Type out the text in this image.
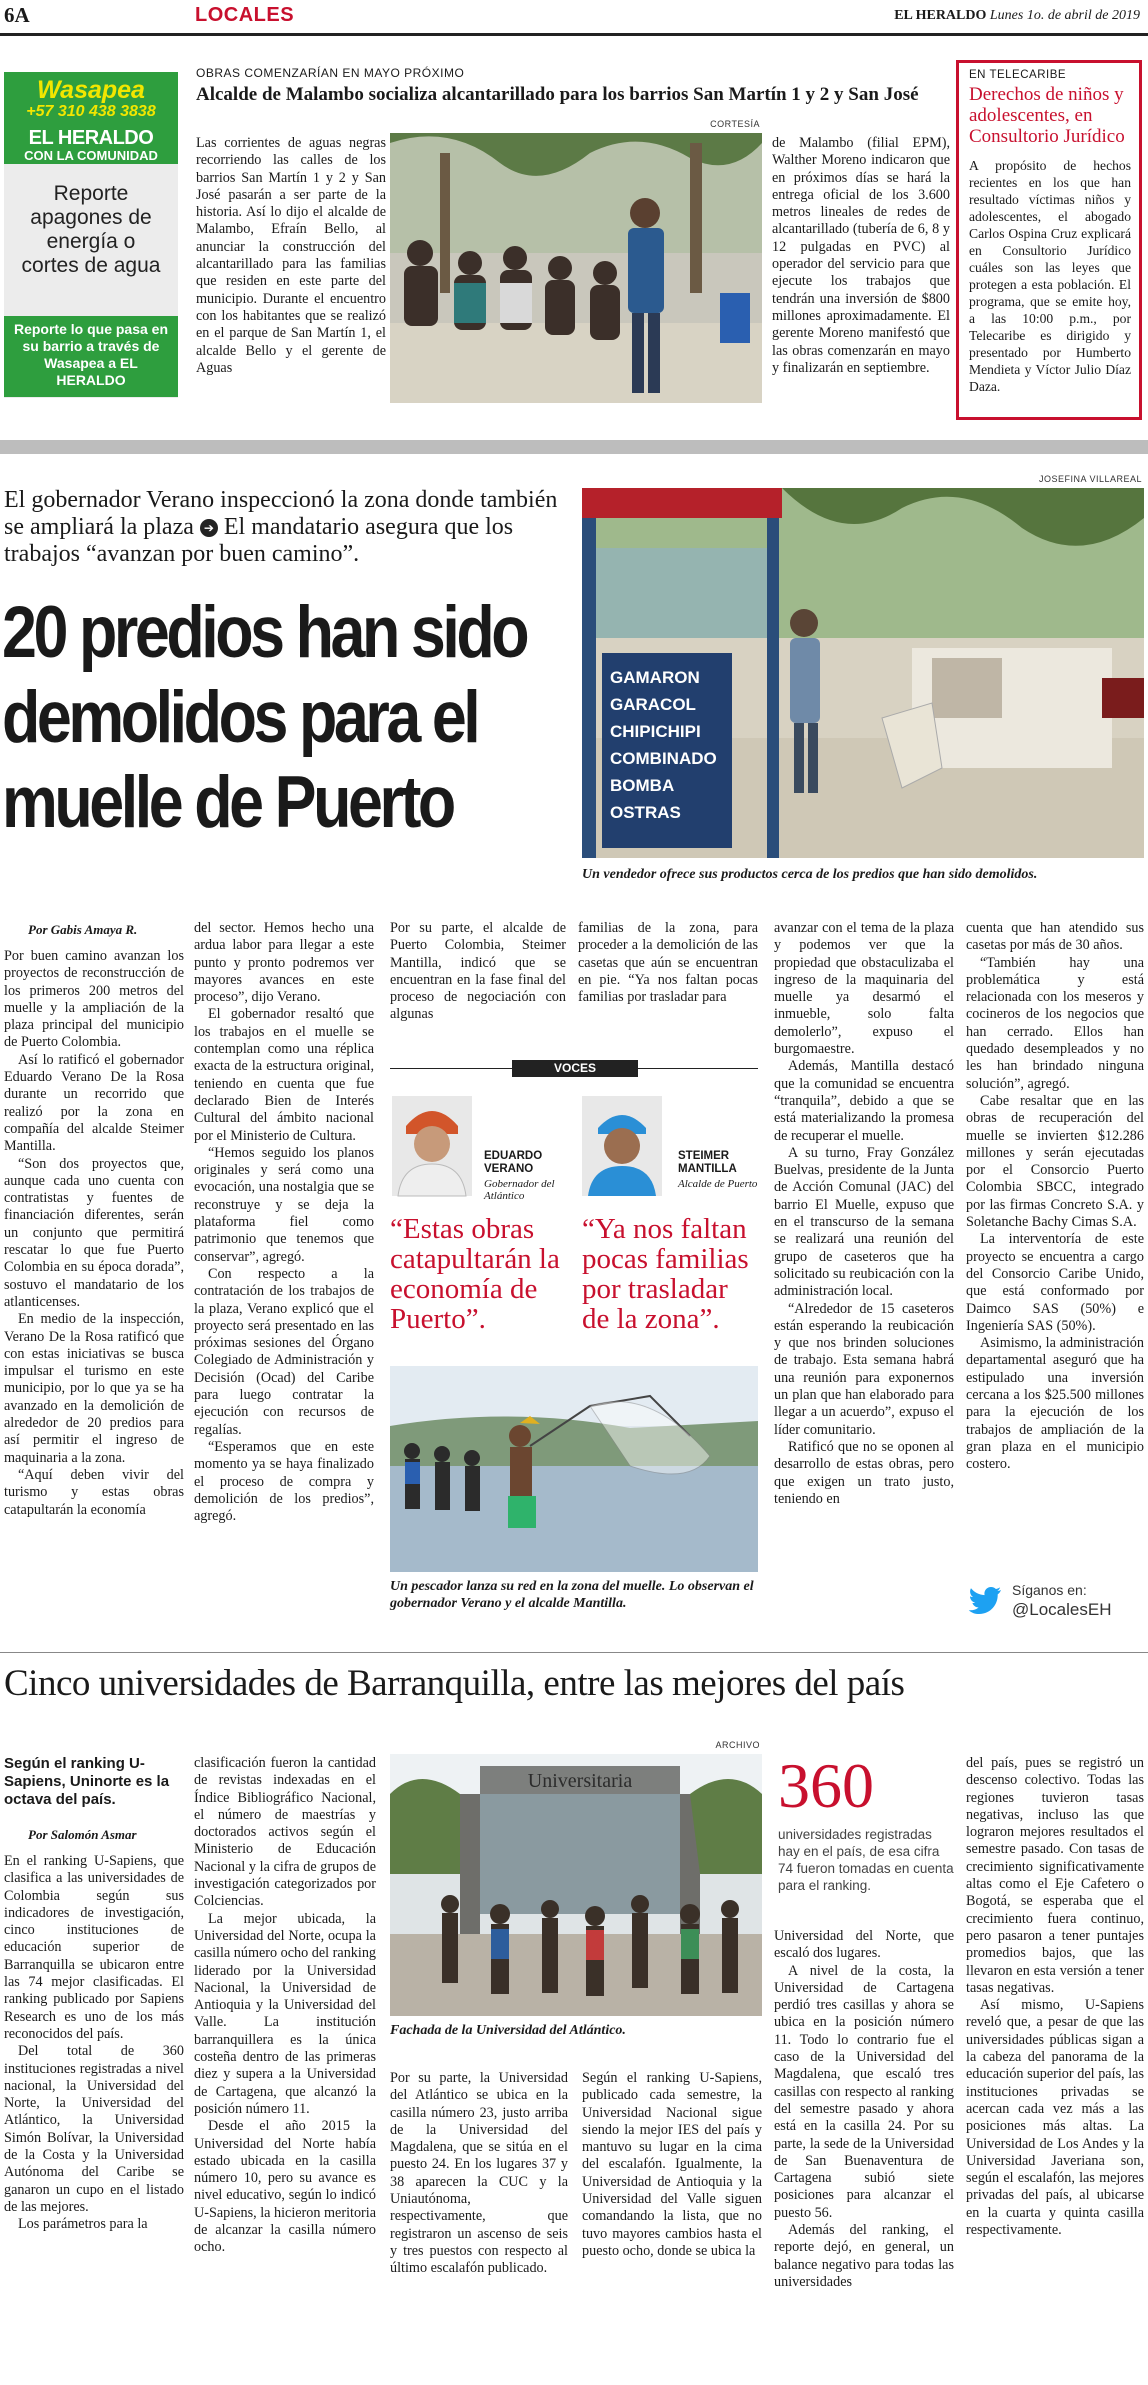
6A	LOCALES	EL HERALDO Lunes 1o. de abril de 2019
Wasapea
+57 310 438 3838
EL HERALDO
CON LA COMUNIDAD
Reporte apagones de energía o cortes de agua
Reporte lo que pasa en su barrio a través de Wasapea a EL HERALDO
OBRAS COMENZARÍAN EN MAYO PRÓXIMO
Alcalde de Malambo socializa alcantarillado para los barrios San Martín 1 y 2 y San José
CORTESÍA

Las corrientes de aguas negras recorriendo las calles de los barrios San Martín 1 y 2 y San José pasarán a ser parte de la historia. Así lo dijo el alcalde de Malambo, Efraín Bello, al anunciar la construcción del alcantarillado para las familias que residen en este parte del municipio. Durante el encuentro con los habitantes que se realizó en el parque de San Martín 1, el alcalde Bello y el gerente de Aguas

de Malambo (filial EPM), Walther Moreno indicaron que en próximos días se hará la entrega oficial de los 3.600 metros lineales de redes de alcantarillado (tubería de 6, 8 y 12 pulgadas en PVC) al operador del servicio para que ejecute los trabajos que tendrán una inversión de $800 millones aproximadamente. El gerente Moreno manifestó que las obras comenzarán en mayo y finalizarán en septiembre.

EN TELECARIBE
Derechos de niños y adolescentes, en Consultorio Jurídico
A propósito de hechos recientes en los que han resultado víctimas niños y adolescentes, el abogado Carlos Ospina Cruz explicará en Consultorio Jurídico cuáles son las leyes que protegen a esta población. El programa, que se emite hoy, a las 10:00 p.m., por Telecaribe es dirigido y presentado por Humberto Mendieta y Víctor Julio Díaz Daza.
El gobernador Verano inspeccionó la zona donde también se ampliará la plaza ➔ El mandatario asegura que los trabajos “avanzan por buen camino”.
20 predios han sido demolidos para el muelle de Puerto
JOSEFINA VILLAREAL
GAMARON
GARACOL
CHIPICHIPI
COMBINADO
BOMBA
OSTRAS
Un vendedor ofrece sus productos cerca de los predios que han sido demolidos.
Por Gabis Amaya R.

Por buen camino avanzan los proyectos de reconstrucción de los primeros 200 metros del muelle y la ampliación de la plaza principal del municipio de Puerto Colombia.

Así lo ratificó el gobernador Eduardo Verano De la Rosa durante un recorrido que realizó por la zona en compañía del alcalde Steimer Mantilla.

“Son dos proyectos que, aunque cada uno cuenta con contratistas y fuentes de financiación diferentes, serán un conjunto que permitirá rescatar lo que fue Puerto Colombia en su época dorada”, sostuvo el mandatario de los atlanticenses.

En medio de la inspección, Verano De la Rosa ratificó que con estas iniciativas se busca impulsar el turismo en este municipio, por lo que ya se ha avanzado en la demolición de alrededor de 20 predios para así permitir el ingreso de maquinaria a la zona.

“Aquí deben vivir del turismo y estas obras catapultarán la economía

del sector. Hemos hecho una ardua labor para llegar a este punto y pronto podremos ver mayores avances en este proceso”, dijo Verano.

El gobernador resaltó que los trabajos en el muelle se contemplan como una réplica exacta de la estructura original, teniendo en cuenta que fue declarado Bien de Interés Cultural del ámbito nacional por el Ministerio de Cultura.

“Hemos seguido los planos originales y será como una evocación, una nostalgia que se reconstruye y se deja la plataforma fiel como patrimonio que tenemos que conservar”, agregó.

Con respecto a la contratación de los trabajos de la plaza, Verano explicó que el proyecto será presentado en las próximas sesiones del Órgano Colegiado de Administración y Decisión (Ocad) del Caribe para luego contratar la ejecución con recursos de regalías.

“Esperamos que en este momento ya se haya finalizado el proceso de compra y demolición de los predios”, agregó.

Por su parte, el alcalde de Puerto Colombia, Steimer Mantilla, indicó que se encuentran en la fase final del proceso de negociación con algunas

familias de la zona, para proceder a la demolición de las casetas que aún se encuentran en pie. “Ya nos faltan pocas familias por trasladar para

VOCES
EDUARDO VERANO
Gobernador del Atlántico
“Estas obras catapultarán la economía de Puerto”.
STEIMER MANTILLA
Alcalde de Puerto
“Ya nos faltan pocas familias por trasladar de la zona”.
Un pescador lanza su red en la zona del muelle. Lo observan el gobernador Verano y el alcalde Mantilla.

avanzar con el tema de la plaza y podemos ver que la propiedad que obstaculizaba el ingreso de la maquinaria del muelle ya desarmó el inmueble, solo falta demolerlo”, expuso el burgomaestre.

Además, Mantilla destacó que la comunidad se encuentra “tranquila”, debido a que se está materializando la promesa de recuperar el muelle.

A su turno, Fray González Buelvas, presidente de la Junta de Acción Comunal (JAC) del barrio El Muelle, expuso que en el transcurso de la semana se realizará una reunión del grupo de caseteros que ha solicitado su reubicación con la administración local.

“Alrededor de 15 caseteros están esperando la reubicación y que nos brinden soluciones de trabajo. Esta semana habrá una reunión para exponernos un plan que han elaborado para llegar a un acuerdo”, expuso el líder comunitario.

Ratificó que no se oponen al desarrollo de estas obras, pero que exigen un trato justo, teniendo en

cuenta que han atendido sus casetas por más de 30 años.

“También hay una problemática y está relacionada con los meseros y cocineros de los negocios que han cerrado. Ellos han quedado desempleados y no les han brindado ninguna solución”, agregó.

Cabe resaltar que en las obras de recuperación del muelle se invierten $12.286 millones y serán ejecutadas por el Consorcio Puerto Colombia SBCC, integrado por las firmas Concreto S.A. y Soletanche Bachy Cimas S.A.

La interventoría de este proyecto se encuentra a cargo del Consorcio Caribe Unido, que está conformado por Daimco SAS (50%) e Ingeniería SAS (50%).

Asimismo, la administración departamental aseguró que ha estipulado una inversión cercana a los $25.500 millones para la ejecución de los trabajos de ampliación de la gran plaza en el municipio costero.

Síganos en:
@LocalesEH
Cinco universidades de Barranquilla, entre las mejores del país
Según el ranking U-Sapiens, Uninorte es la octava del país.
Por Salomón Asmar

En el ranking U-Sapiens, que clasifica a las universidades de Colombia según sus indicadores de investigación, cinco instituciones de educación superior de Barranquilla se ubicaron entre las 74 mejor clasificadas. El ranking publicado por Sapiens Research es uno de los más reconocidos del país.

Del total de 360 instituciones registradas a nivel nacional, la Universidad del Norte, la Universidad del Atlántico, la Universidad Simón Bolívar, la Universidad de la Costa y la Universidad Autónoma del Caribe se ganaron un cupo en el listado de las mejores.

Los parámetros para la

clasificación fueron la cantidad de revistas indexadas en el Índice Bibliográfico Nacional, el número de maestrías y doctorados activos según el Ministerio de Educación Nacional y la cifra de grupos de investigación categorizados por Colciencias.

La mejor ubicada, la Universidad del Norte, ocupa la casilla número ocho del ranking liderado por la Universidad Nacional, la Universidad de Antioquia y la Universidad del Valle. La institución barranquillera es la única costeña dentro de las primeras diez y supera a la Universidad de Cartagena, que alcanzó la posición número 11.

Desde el año 2015 la Universidad del Norte había estado ubicada en la casilla número 10, pero su avance es nivel educativo, según lo indicó U-Sapiens, la hicieron meritoria de alcanzar la casilla número ocho.

ARCHIVO
Universitaria
Fachada de la Universidad del Atlántico.

Por su parte, la Universidad del Atlántico se ubica en la casilla número 23, justo arriba de la Universidad del Magdalena, que se sitúa en el puesto 24. En los lugares 37 y 38 aparecen la CUC y la Uniautónoma, respectivamente, que registraron un ascenso de seis y tres puestos con respecto al último escalafón publicado.

Según el ranking U-Sapiens, publicado cada semestre, la Universidad Nacional sigue siendo la mejor IES del país y mantuvo su lugar en la cima del escalafón. Igualmente, la Universidad de Antioquia y la Universidad del Valle siguen comandando la lista, que no tuvo mayores cambios hasta el puesto ocho, donde se ubica la

360
universidades registradas hay en el país, de esa cifra 74 fueron tomadas en cuenta para el ranking.

Universidad del Norte, que escaló dos lugares.

A nivel de la costa, la Universidad de Cartagena perdió tres casillas y ahora se ubica en la posición número 11. Todo lo contrario fue el caso de la Universidad del Magdalena, que escaló tres casillas con respecto al ranking del semestre pasado y ahora está en la casilla 24. Por su parte, la sede de la Universidad de San Buenaventura de Cartagena subió siete posiciones para alcanzar el puesto 56.

Además del ranking, el reporte dejó, en general, un balance negativo para todas las universidades

del país, pues se registró un descenso colectivo. Todas las regiones tuvieron tasas negativas, incluso las que lograron mejores resultados el semestre pasado. Con tasas de crecimiento significativamente altas como el Eje Cafetero o Bogotá, se esperaba que el crecimiento fuera continuo, pero pasaron a tener puntajes promedios bajos, que las llevaron en esta versión a tener tasas negativas.

Así mismo, U-Sapiens reveló que, a pesar de que las universidades públicas sigan a la cabeza del panorama de la educación superior del país, las instituciones privadas se acercan cada vez más a las posiciones más altas. La Universidad de Los Andes y la Universidad Javeriana son, según el escalafón, las mejores privadas del país, al ubicarse en la cuarta y quinta casilla respectivamente.
